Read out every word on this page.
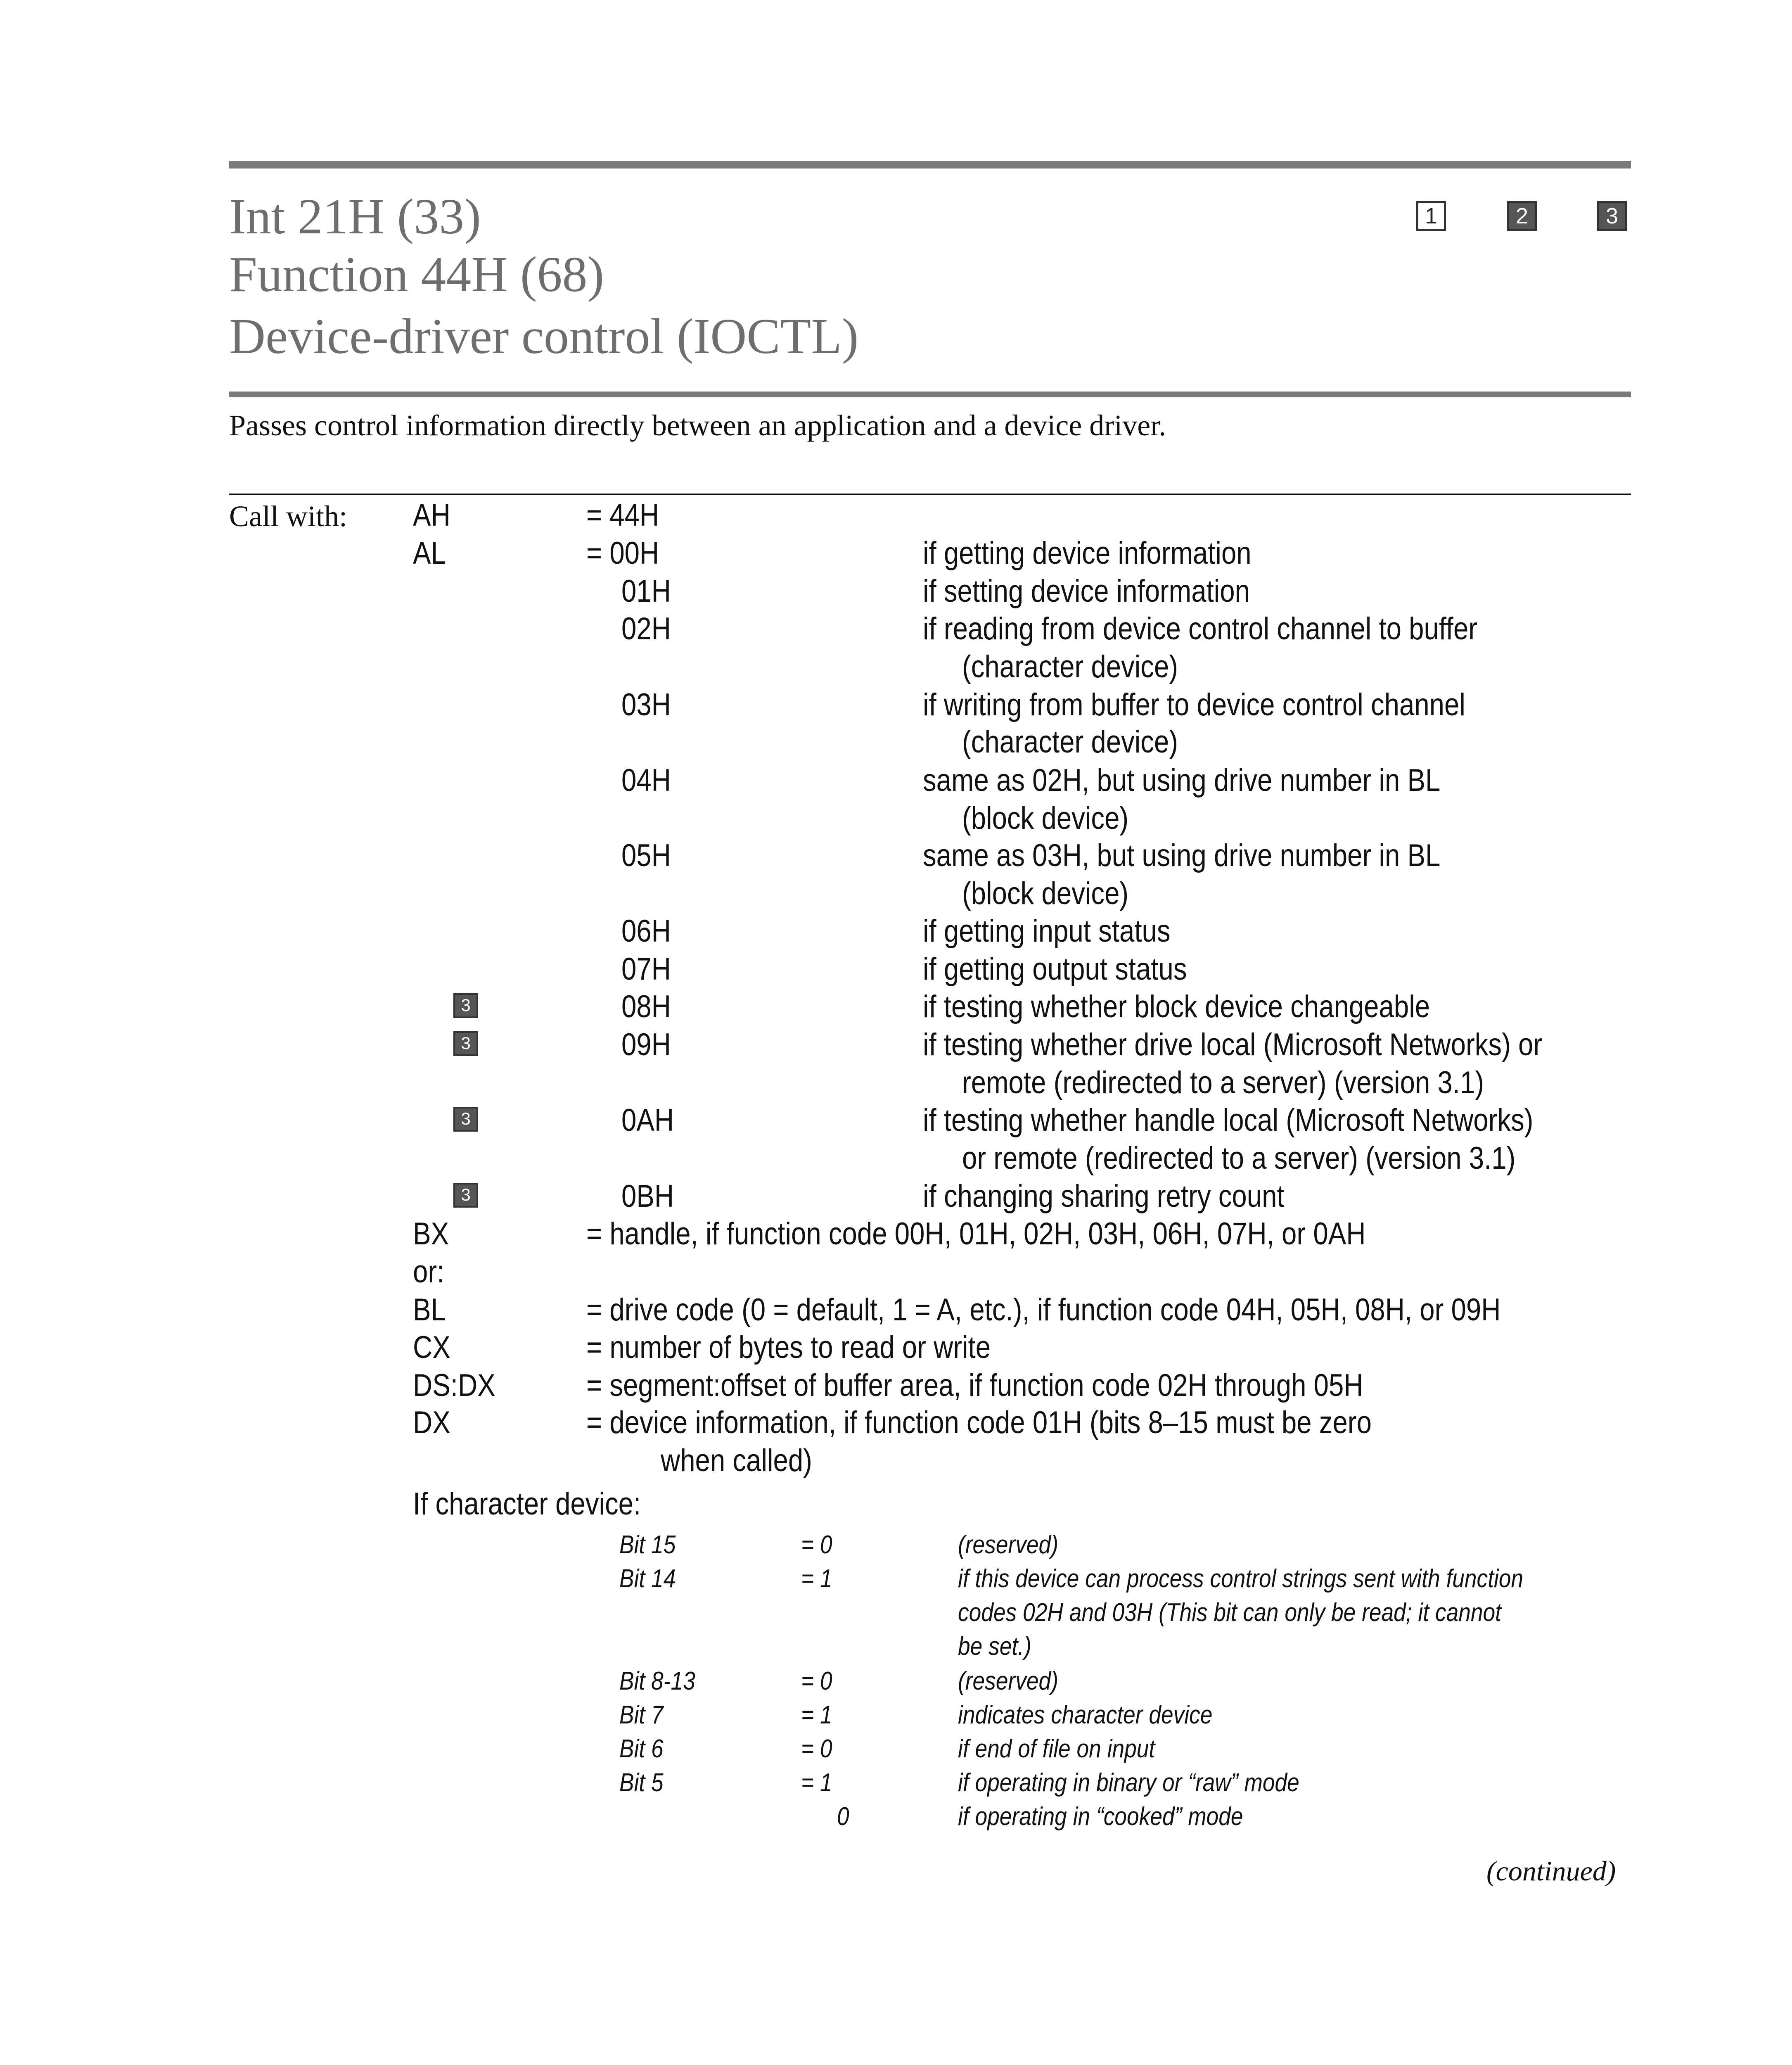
Int 21H (33)
Function 44H (68)
Device-driver control (IOCTL)
1	2	3
Passes control information directly between an application and a device driver.
Call with: AH	= 44H
AL	= 00H	if getting device information
01H	if setting device information
02H	if reading from device control channel to buffer
(character device)
03H	if writing from buffer to device control channel
(character device)
04H	same as 02H, but using drive number in BL
(block device)
05H	same as 03H, but using drive number in BL
(block device)
06H	if getting input status
07H	if getting output status
3	08H	if testing whether block device changeable
3	09H	if testing whether drive local (Microsoft Networks) or
remote (redirected to a server) (version 3.1)
3	0AH	if testing whether handle local (Microsoft Networks)
or remote (redirected to a server) (version 3.1)
3	0BH	if changing sharing retry count
BX	= handle, if function code 00H, 01H, 02H, 03H, 06H, 07H, or 0AH
or:
BL	= drive code (0 = default, 1 = A, etc.), if function code 04H, 05H, 08H, or 09H
CX	= number of bytes to read or write
DS:DX	= segment:offset of buffer area, if function code 02H through 05H
DX	= device information, if function code 01H (bits 8–15 must be zero
when called)
If character device:
Bit 15	= 0	(reserved)
Bit 14	= 1	if this device can process control strings sent with function
codes 02H and 03H (This bit can only be read; it cannot
be set.)
Bit 8-13	= 0	(reserved)
Bit 7	= 1	indicates character device
Bit 6	= 0	if end of file on input
Bit 5	= 1	if operating in binary or “raw” mode
0	if operating in “cooked” mode
(continued)
